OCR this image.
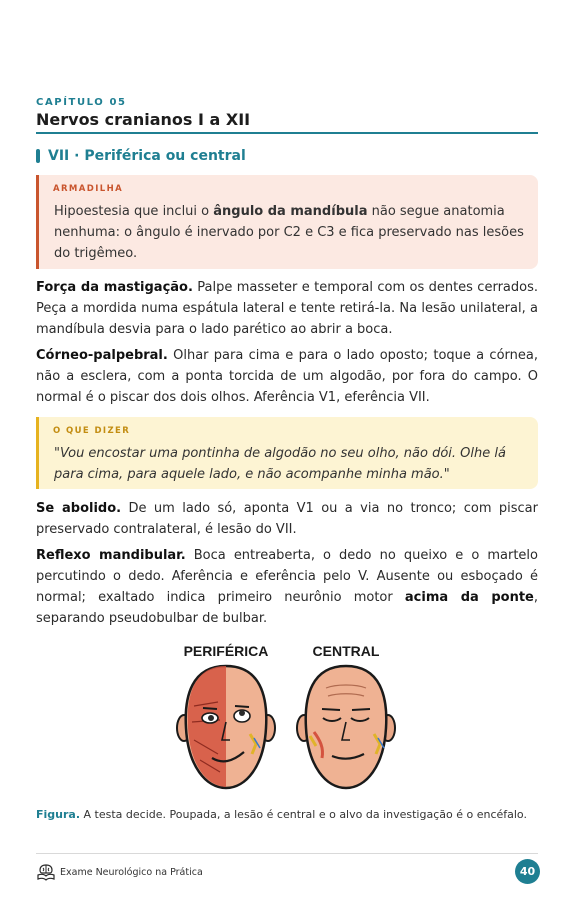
CAPÍTULO 05
Nervos cranianos I a XII
VII · Periférica ou central
ARMADILHA
Hipoestesia que inclui o ângulo da mandíbula não segue anatomia nenhuma: o ângulo é inervado por C2 e C3 e fica preservado nas lesões do trigêmeo.

Força da mastigação. Palpe masseter e temporal com os dentes cerrados. Peça a mordida numa espátula lateral e tente retirá-la. Na lesão unilateral, a mandíbula desvia para o lado parético ao abrir a boca.

Córneo-palpebral. Olhar para cima e para o lado oposto; toque a córnea, não a esclera, com a ponta torcida de um algodão, por fora do campo. O normal é o piscar dos dois olhos. Aferência V1, eferência VII.

O QUE DIZER
"Vou encostar uma pontinha de algodão no seu olho, não dói. Olhe lá para cima, para aquele lado, e não acompanhe minha mão."

Se abolido. De um lado só, aponta V1 ou a via no tronco; com piscar preservado contralateral, é lesão do VII.

Reflexo mandibular. Boca entreaberta, o dedo no queixo e o martelo percutindo o dedo. Aferência e eferência pelo V. Ausente ou esboçado é normal; exaltado indica primeiro neurônio motor acima da ponte, separando pseudobulbar de bulbar.

PERIFÉRICA	CENTRAL
Figura. A testa decide. Poupada, a lesão é central e o alvo da investigação é o encéfalo.
Exame Neurológico na Prática	40
